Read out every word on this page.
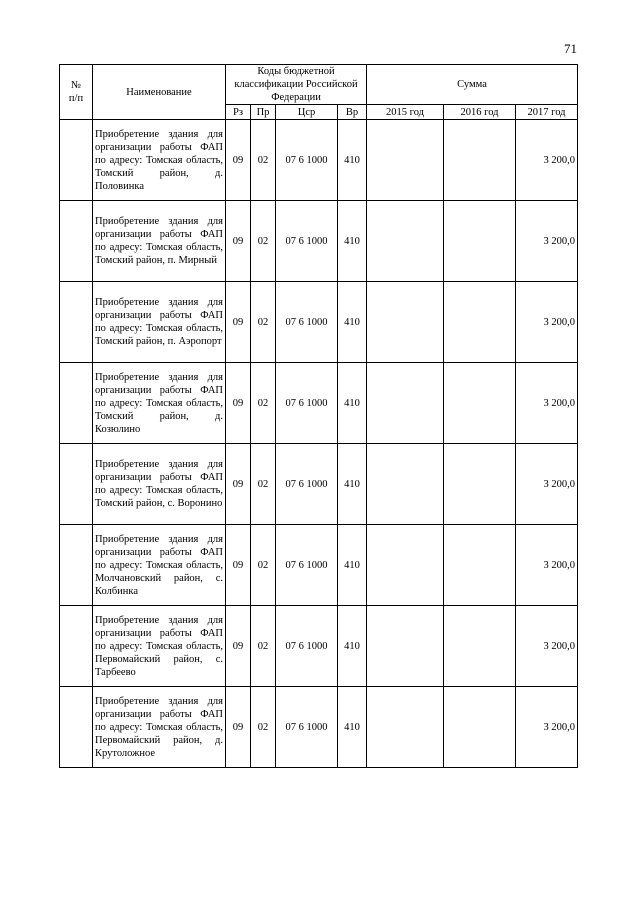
71
№
п/п	Наименование	Коды бюджетной классификации Российской Федерации				Сумма		
		Рз	Пр	Цср	Вр	2015 год	2016 год	2017 год
	Приобретение здания для организации работы ФАП по адресу: Томская область, Томский район, д. Половинка	09	02	07 6 1000	410			3 200,0
	Приобретение здания для организации работы ФАП по адресу: Томская область, Томский район, п. Мирный	09	02	07 6 1000	410			3 200,0
	Приобретение здания для организации работы ФАП по адресу: Томская область, Томский район, п. Аэропорт	09	02	07 6 1000	410			3 200,0
	Приобретение здания для организации работы ФАП по адресу: Томская область, Томский район, д. Козюлино	09	02	07 6 1000	410			3 200,0
	Приобретение здания для организации работы ФАП по адресу: Томская область, Томский район, с. Воронино	09	02	07 6 1000	410			3 200,0
	Приобретение здания для организации работы ФАП по адресу: Томская область, Молчановский район, с. Колбинка	09	02	07 6 1000	410			3 200,0
	Приобретение здания для организации работы ФАП по адресу: Томская область, Первомайский район, с. Тарбеево	09	02	07 6 1000	410			3 200,0
	Приобретение здания для организации работы ФАП по адресу: Томская область, Первомайский район, д. Крутоложное	09	02	07 6 1000	410			3 200,0
